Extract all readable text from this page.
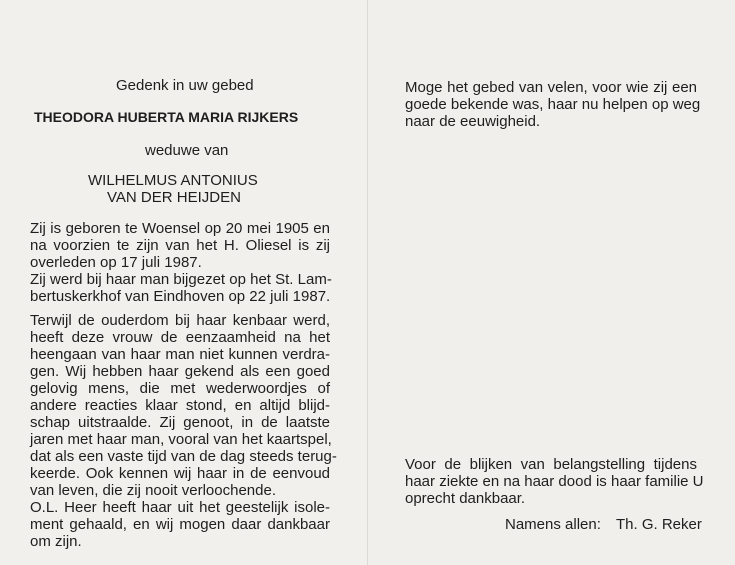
Gedenk in uw gebed

THEODORA HUBERTA MARIA RIJKERS

weduwe van

WILHELMUS ANTONIUS

VAN DER HEIJDEN

Zij is geboren te Woensel op 20 mei 1905 en
na voorzien te zijn van het H. Oliesel is zij
overleden op 17 juli 1987.
Zij werd bij haar man bijgezet op het St. Lam-
bertuskerkhof van Eindhoven op 22 juli 1987.
Terwijl de ouderdom bij haar kenbaar werd,
heeft deze vrouw de eenzaamheid na het
heengaan van haar man niet kunnen verdra-
gen. Wij hebben haar gekend als een goed
gelovig mens, die met wederwoordjes of
andere reacties klaar stond, en altijd blijd-
schap uitstraalde. Zij genoot, in de laatste
jaren met haar man, vooral van het kaartspel,
dat als een vaste tijd van de dag steeds terug-
keerde. Ook kennen wij haar in de eenvoud
van leven, die zij nooit verloochende.
O.L. Heer heeft haar uit het geestelijk isole-
ment gehaald, en wij mogen daar dankbaar
om zijn.
Moge het gebed van velen, voor wie zij een
goede bekende was, haar nu helpen op weg
naar de eeuwigheid.
Voor de blijken van belangstelling tijdens
haar ziekte en na haar dood is haar familie U
oprecht dankbaar.

Namens allen: Th. G. Reker
